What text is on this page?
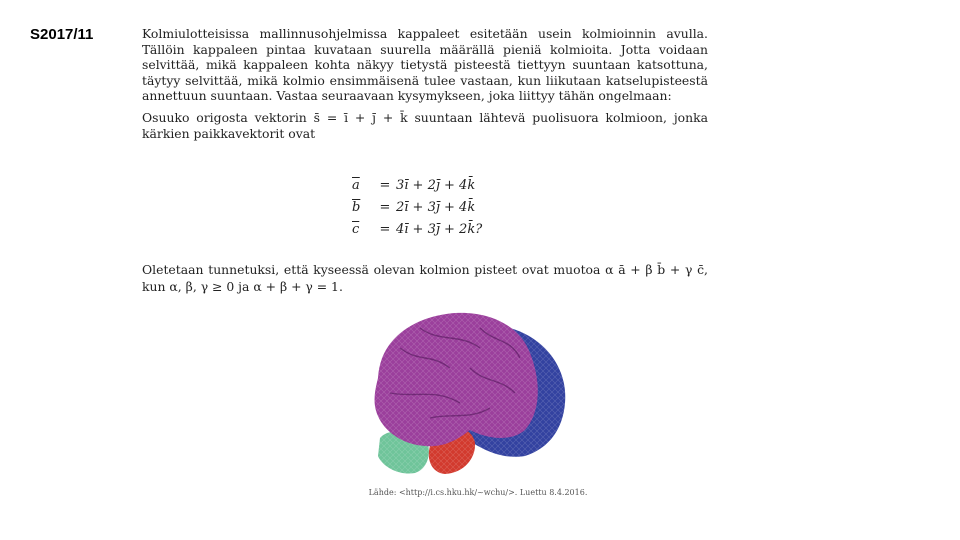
S2017/11	Kolmiulotteisissa mallinnusohjelmissa kappaleet esitetään usein kolmioinnin avulla. Tällöin kappaleen pintaa kuvataan suurella määrällä pieniä kolmioita. Jotta voidaan selvittää, mikä kappaleen kohta näkyy tietystä pisteestä tiettyyn suuntaan katsottuna, täytyy selvittää, mikä kolmio ensimmäisenä tulee vastaan, kun liikutaan katselupisteestä annettuun suuntaan. Vastaa seuraavaan kysymykseen, joka liittyy tähän ongelmaan:

Osuuko origosta vektorin s̄ = ī + j̄ + k̄ suuntaan lähtevä puolisuora kolmioon, jonka kärkien paikkavektorit ovat

$\overline{a}$	= 3ī + 2j̄ + 4k̄
$\overline{b}$	= 2ī + 3j̄ + 4k̄
$\overline{c}$	= 4ī + 3j̄ + 2k̄?
Oletetaan tunnetuksi, että kyseessä olevan kolmion pisteet ovat muotoa α ā + β b̄ + γ c̄, kun α, β, γ ≥ 0 ja α + β + γ = 1.
Lähde: <http://i.cs.hku.hk/~wchu/>. Luettu 8.4.2016.
